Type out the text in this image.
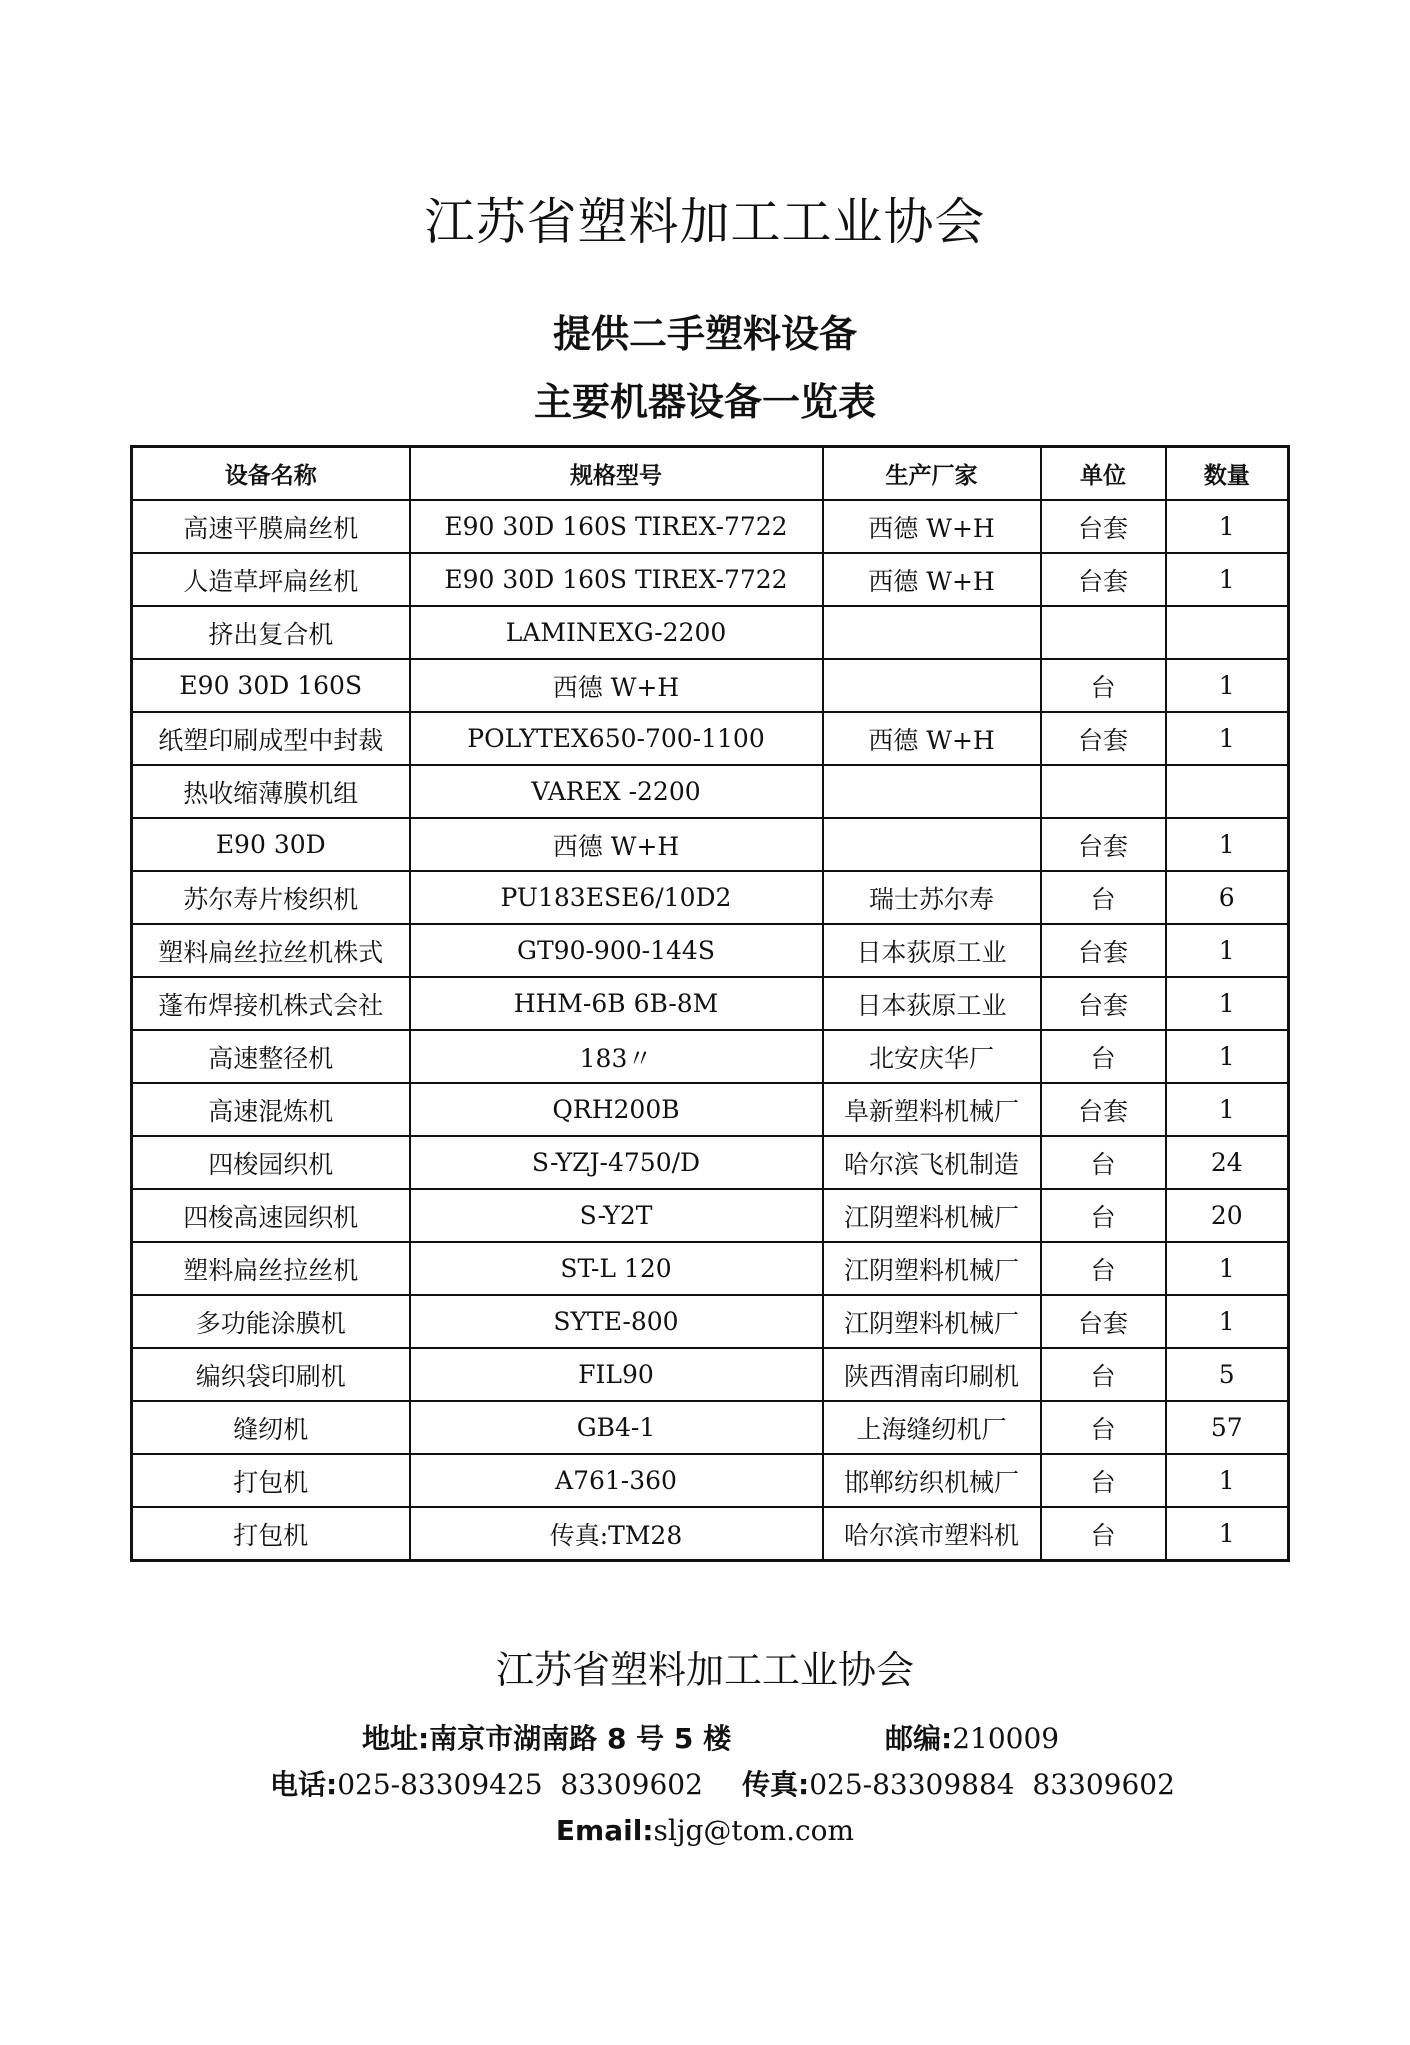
江苏省塑料加工工业协会
提供二手塑料设备
主要机器设备一览表
设备名称	规格型号	生产厂家	单位	数量
高速平膜扁丝机	E90 30D 160S TIREX-7722	西德 W+H	台套	1
人造草坪扁丝机	E90 30D 160S TIREX-7722	西德 W+H	台套	1
挤出复合机	LAMINEXG-2200			
E90 30D 160S	西德 W+H		台	1
纸塑印刷成型中封裁	POLYTEX650-700-1100	西德 W+H	台套	1
热收缩薄膜机组	VAREX -2200			
E90 30D	西德 W+H		台套	1
苏尔寿片梭织机	PU183ESE6/10D2	瑞士苏尔寿	台	6
塑料扁丝拉丝机株式	GT90-900-144S	日本荻原工业	台套	1
蓬布焊接机株式会社	HHM-6B 6B-8M	日本荻原工业	台套	1
高速整径机	183〃	北安庆华厂	台	1
高速混炼机	QRH200B	阜新塑料机械厂	台套	1
四梭园织机	S-YZJ-4750/D	哈尔滨飞机制造	台	24
四梭高速园织机	S-Y2T	江阴塑料机械厂	台	20
塑料扁丝拉丝机	ST-L 120	江阴塑料机械厂	台	1
多功能涂膜机	SYTE-800	江阴塑料机械厂	台套	1
编织袋印刷机	FIL90	陕西渭南印刷机	台	5
缝纫机	GB4-1	上海缝纫机厂	台	57
打包机	A761-360	邯郸纺织机械厂	台	1
打包机	传真:TM28	哈尔滨市塑料机	台	1
江苏省塑料加工工业协会
地址:南京市湖南路 8 号 5 楼	邮编:210009
电话:025-83309425  83309602 传真:025-83309884  83309602
Email:sljg@tom.com
